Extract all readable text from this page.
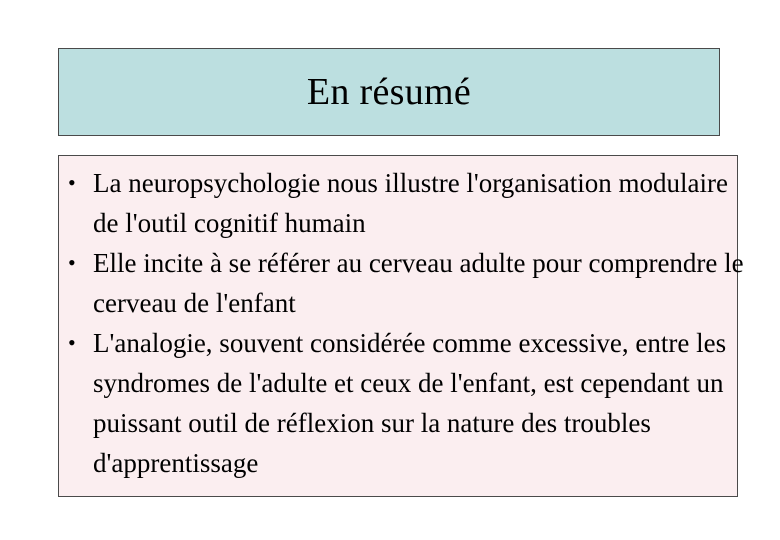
En résumé
• La neuropsychologie nous illustre l'organisation modulaire de l'outil cognitif humain
• Elle incite à se référer au cerveau adulte pour comprendre le cerveau de l'enfant
• L'analogie, souvent considérée comme excessive, entre les syndromes de l'adulte et ceux de l'enfant, est cependant un puissant outil de réflexion sur la nature des troubles d'apprentissage
